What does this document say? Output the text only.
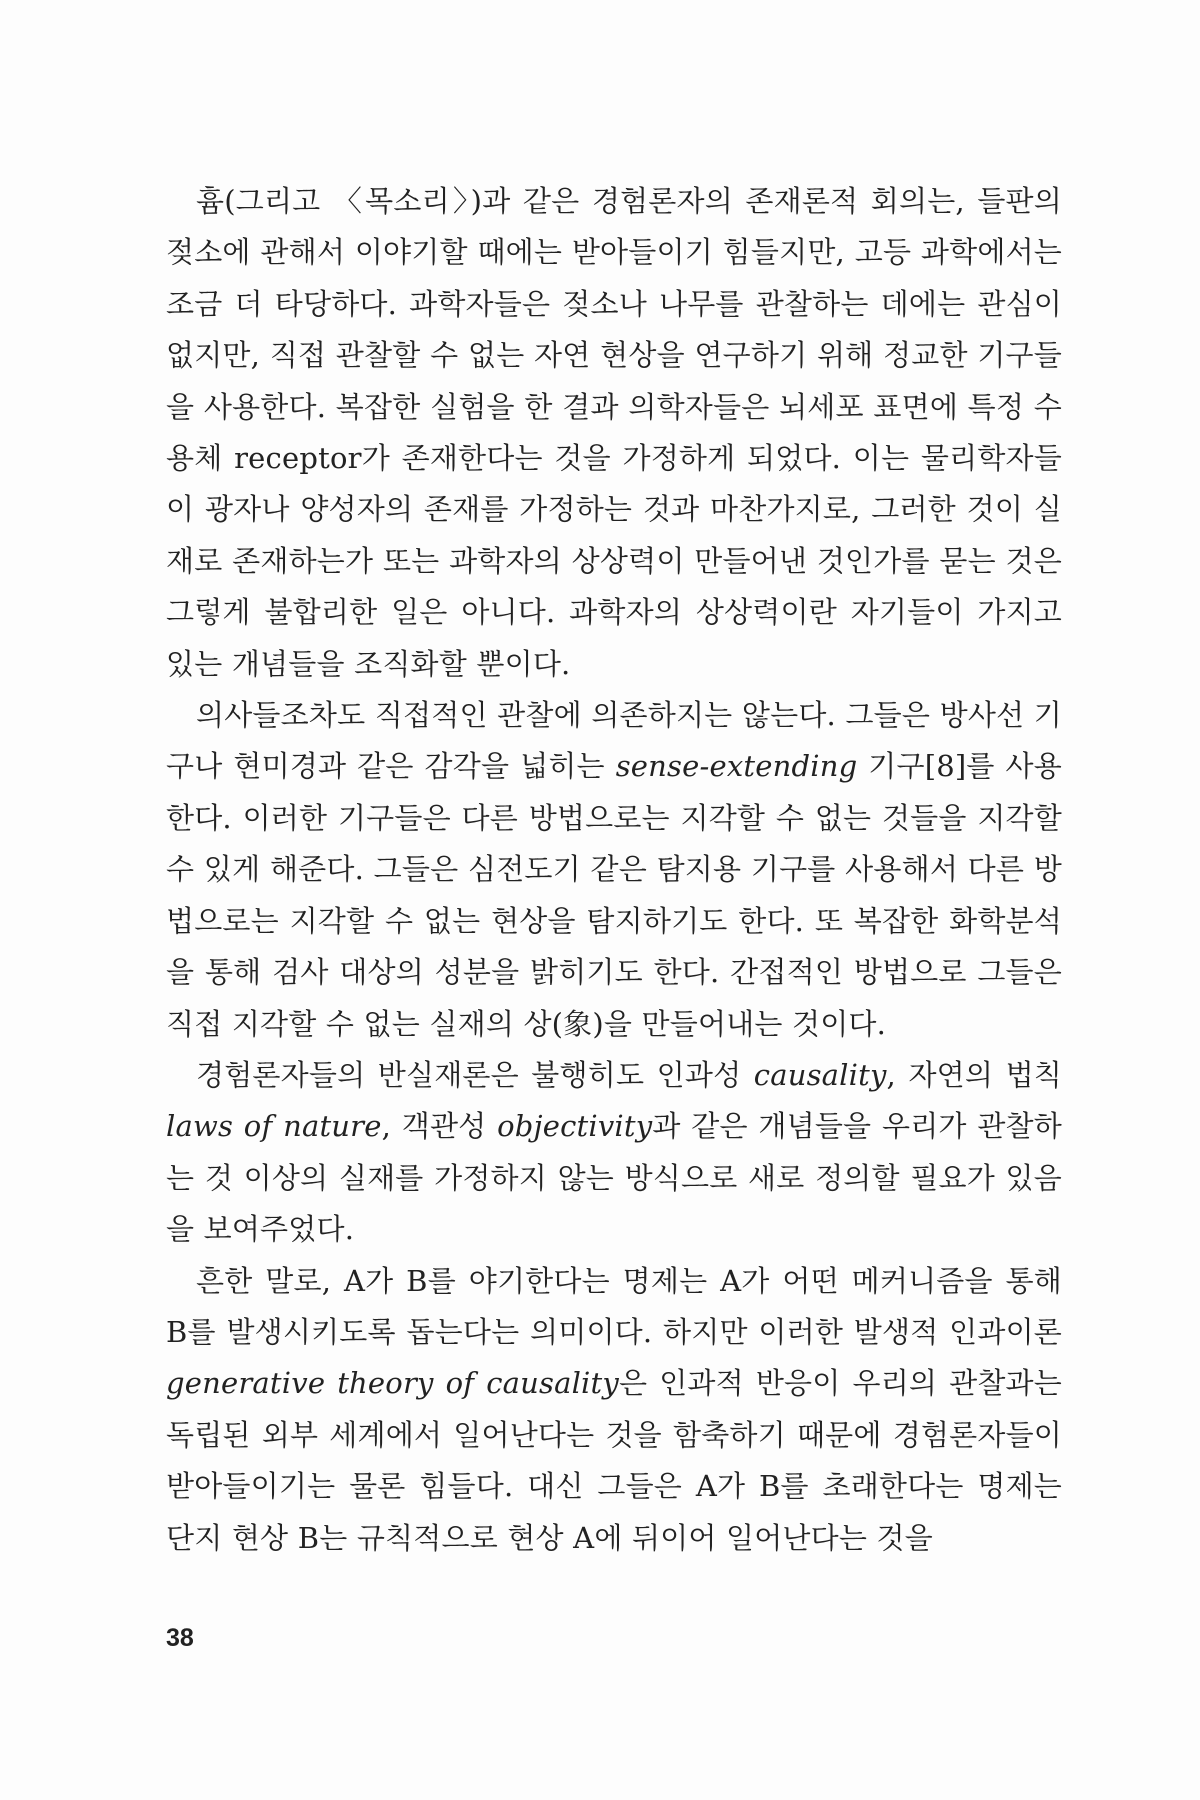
흄(그리고 〈목소리〉)과 같은 경험론자의 존재론적 회의는, 들판의 젖소에 관해서 이야기할 때에는 받아들이기 힘들지만, 고등 과학에서는 조금 더 타당하다. 과학자들은 젖소나 나무를 관찰하는 데에는 관심이 없지만, 직접 관찰할 수 없는 자연 현상을 연구하기 위해 정교한 기구들을 사용한다. 복잡한 실험을 한 결과 의학자들은 뇌세포 표면에 특정 수용체 receptor가 존재한다는 것을 가정하게 되었다. 이는 물리학자들이 광자나 양성자의 존재를 가정하는 것과 마찬가지로, 그러한 것이 실재로 존재하는가 또는 과학자의 상상력이 만들어낸 것인가를 묻는 것은 그렇게 불합리한 일은 아니다. 과학자의 상상력이란 자기들이 가지고 있는 개념들을 조직화할 뿐이다.

의사들조차도 직접적인 관찰에 의존하지는 않는다. 그들은 방사선 기구나 현미경과 같은 감각을 넓히는 sense-extending 기구[8]를 사용한다. 이러한 기구들은 다른 방법으로는 지각할 수 없는 것들을 지각할 수 있게 해준다. 그들은 심전도기 같은 탐지용 기구를 사용해서 다른 방법으로는 지각할 수 없는 현상을 탐지하기도 한다. 또 복잡한 화학분석을 통해 검사 대상의 성분을 밝히기도 한다. 간접적인 방법으로 그들은 직접 지각할 수 없는 실재의 상(象)을 만들어내는 것이다.

경험론자들의 반실재론은 불행히도 인과성 causality, 자연의 법칙 laws of nature, 객관성 objectivity과 같은 개념들을 우리가 관찰하는 것 이상의 실재를 가정하지 않는 방식으로 새로 정의할 필요가 있음을 보여주었다.

흔한 말로, A가 B를 야기한다는 명제는 A가 어떤 메커니즘을 통해 B를 발생시키도록 돕는다는 의미이다. 하지만 이러한 발생적 인과이론 generative theory of causality은 인과적 반응이 우리의 관찰과는 독립된 외부 세계에서 일어난다는 것을 함축하기 때문에 경험론자들이 받아들이기는 물론 힘들다. 대신 그들은 A가 B를 초래한다는 명제는 단지 현상 B는 규칙적으로 현상 A에 뒤이어 일어난다는 것을

38
